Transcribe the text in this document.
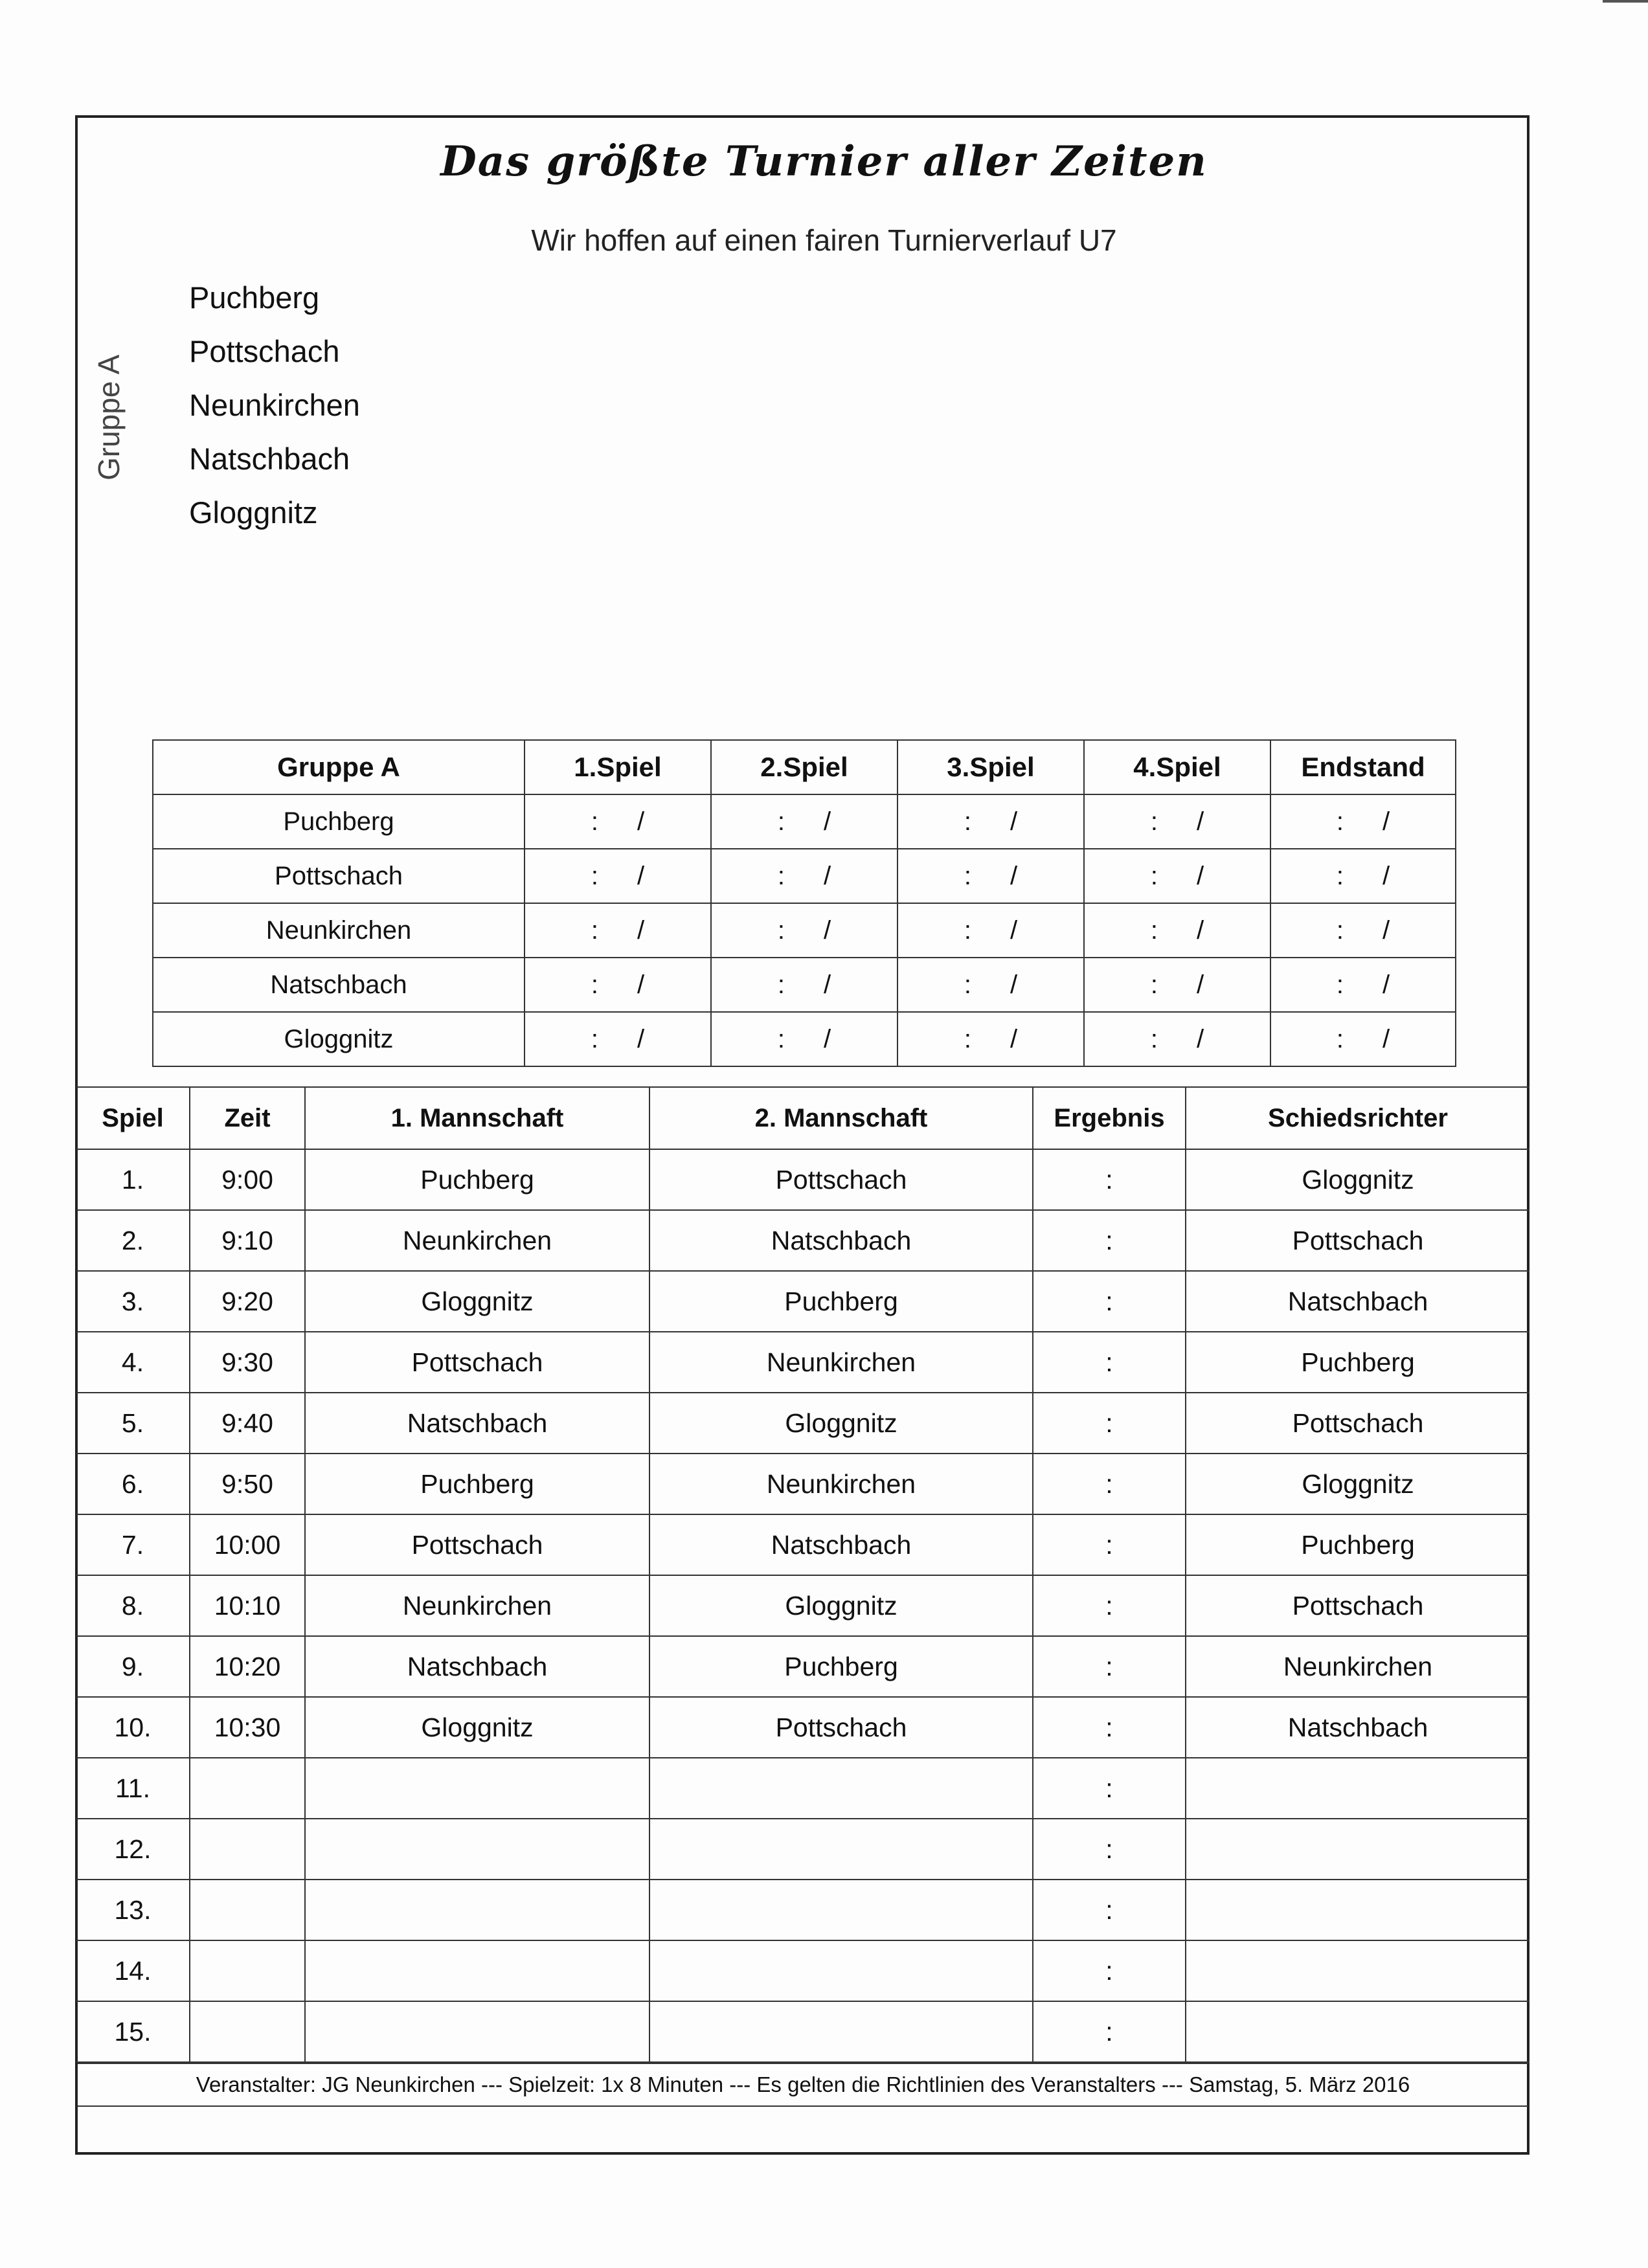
Das größte Turnier aller Zeiten
Wir hoffen auf einen fairen Turnierverlauf U7
Gruppe A
Puchberg
Pottschach
Neunkirchen
Natschbach
Gloggnitz
Gruppe A	1.Spiel	2.Spiel	3.Spiel	4.Spiel	Endstand
Puchberg	: /	: /	: /	: /	: /
Pottschach	: /	: /	: /	: /	: /
Neunkirchen	: /	: /	: /	: /	: /
Natschbach	: /	: /	: /	: /	: /
Gloggnitz	: /	: /	: /	: /	: /
Spiel	Zeit	1. Mannschaft	2. Mannschaft	Ergebnis	Schiedsrichter
1.	9:00	Puchberg	Pottschach	:	Gloggnitz
2.	9:10	Neunkirchen	Natschbach	:	Pottschach
3.	9:20	Gloggnitz	Puchberg	:	Natschbach
4.	9:30	Pottschach	Neunkirchen	:	Puchberg
5.	9:40	Natschbach	Gloggnitz	:	Pottschach
6.	9:50	Puchberg	Neunkirchen	:	Gloggnitz
7.	10:00	Pottschach	Natschbach	:	Puchberg
8.	10:10	Neunkirchen	Gloggnitz	:	Pottschach
9.	10:20	Natschbach	Puchberg	:	Neunkirchen
10.	10:30	Gloggnitz	Pottschach	:	Natschbach
11.				:	
12.				:	
13.				:	
14.				:	
15.				:	
Veranstalter: JG Neunkirchen --- Spielzeit: 1x 8 Minuten --- Es gelten die Richtlinien des Veranstalters --- Samstag, 5. März 2016
